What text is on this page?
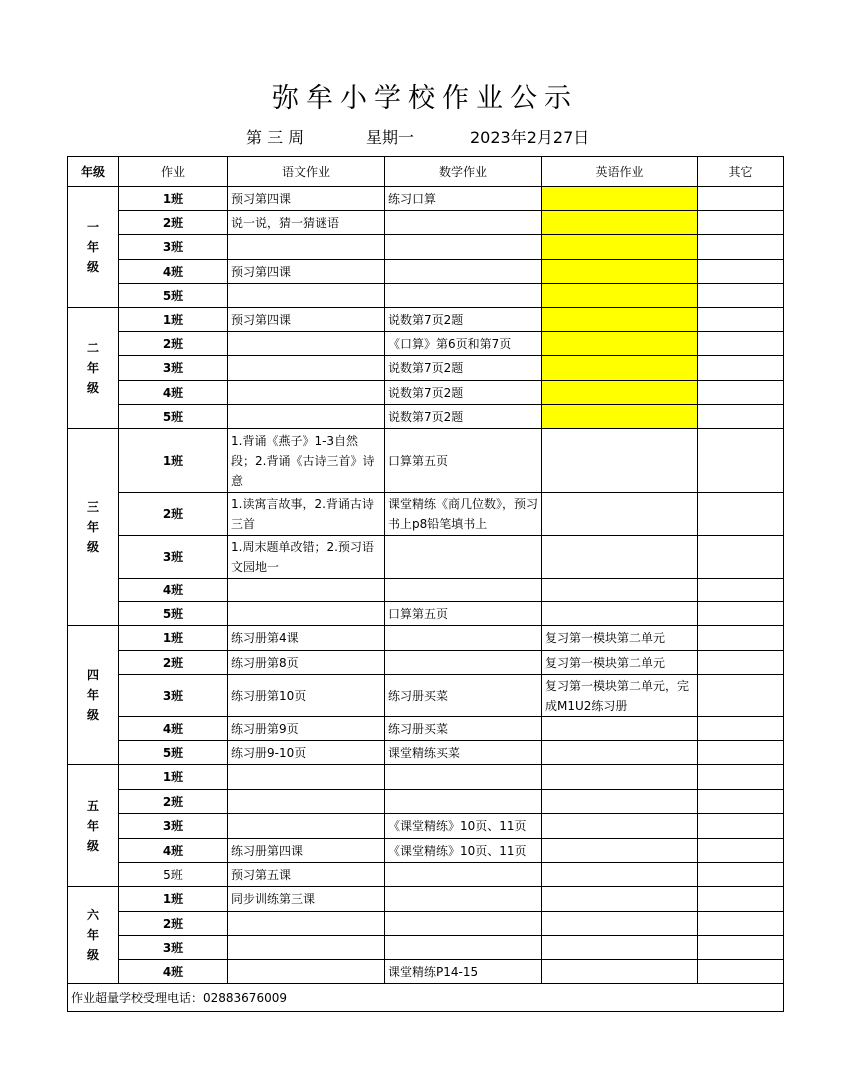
弥牟小学校作业公示
第 三 周	星期一	2023年2月27日
年级	作业	语文作业	数学作业	英语作业	其它
一
年
级	1班	预习第四课	练习口算		
	2班	说一说，猜一猜谜语			
	3班				
	4班	预习第四课			
	5班				
二
年
级	1班	预习第四课	说数第7页2题		
	2班		《口算》第6页和第7页		
	3班		说数第7页2题		
	4班		说数第7页2题		
	5班		说数第7页2题		
三
年
级	1班	1.背诵《燕子》1-3自然段；2.背诵《古诗三首》诗意	口算第五页		
	2班	1.读寓言故事，2.背诵古诗三首	课堂精练《商几位数》，预习书上p8铅笔填书上		
	3班	1.周末题单改错；2.预习语文园地一			
	4班				
	5班		口算第五页		
四
年
级	1班	练习册第4课		复习第一模块第二单元	
	2班	练习册第8页		复习第一模块第二单元	
	3班	练习册第10页	练习册买菜	复习第一模块第二单元，完成M1U2练习册	
	4班	练习册第9页	练习册买菜		
	5班	练习册9-10页	课堂精练买菜		
五
年
级	1班				
	2班				
	3班		《课堂精练》10页、11页		
	4班	练习册第四课	《课堂精练》10页、11页		
	5班	预习第五课			
六
年
级	1班	同步训练第三课			
	2班				
	3班				
	4班		课堂精练P14-15		
作业超量学校受理电话：02883676009					
